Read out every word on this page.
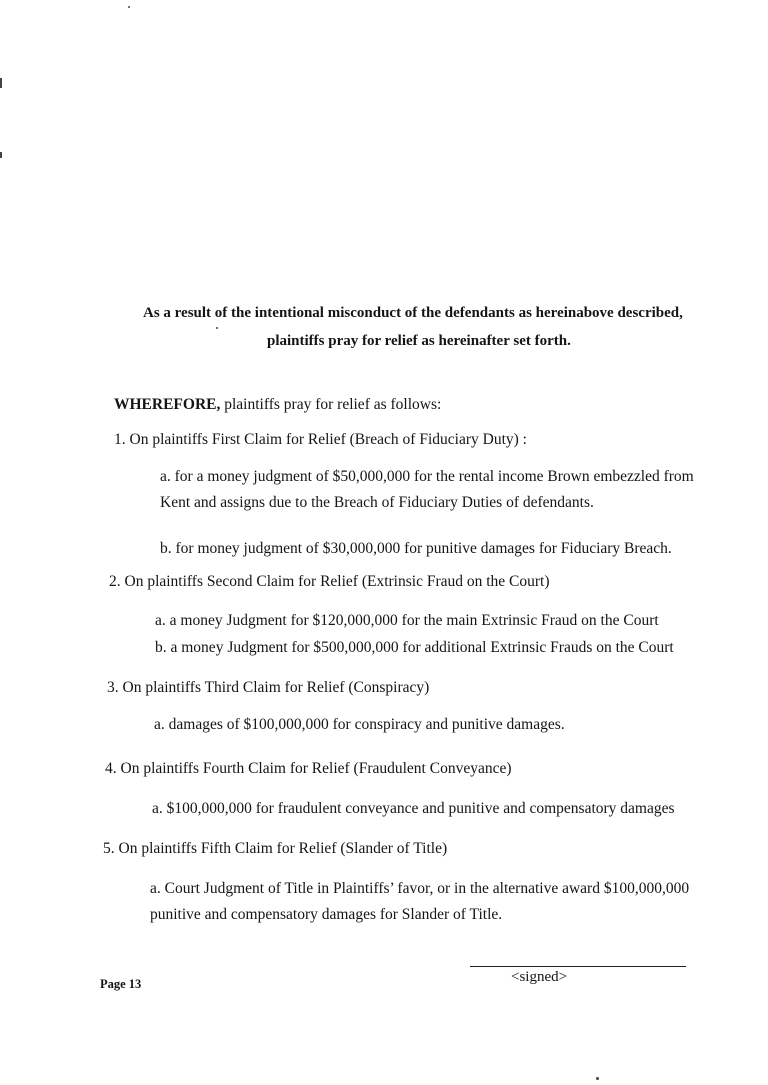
As a result of the intentional misconduct of the defendants as hereinabove described,
plaintiffs pray for relief as hereinafter set forth.
WHEREFORE, plaintiffs pray for relief as follows:
1. On plaintiffs First Claim for Relief (Breach of Fiduciary Duty) :
a. for a money judgment of $50,000,000 for the rental income Brown embezzled from
Kent and assigns due to the Breach of Fiduciary Duties of defendants.
b. for money judgment of $30,000,000 for punitive damages for Fiduciary Breach.
2. On plaintiffs Second Claim for Relief (Extrinsic Fraud on the Court)
a. a money Judgment for $120,000,000 for the main Extrinsic Fraud on the Court
b. a money Judgment for $500,000,000 for additional Extrinsic Frauds on the Court
3. On plaintiffs Third Claim for Relief (Conspiracy)
a. damages of $100,000,000 for conspiracy and punitive damages.
4. On plaintiffs Fourth Claim for Relief (Fraudulent Conveyance)
a. $100,000,000 for fraudulent conveyance and punitive and compensatory damages
5. On plaintiffs Fifth Claim for Relief (Slander of Title)
a. Court Judgment of Title in Plaintiffs’ favor, or in the alternative award $100,000,000
punitive and compensatory damages for Slander of Title.
<signed>
Page 13
